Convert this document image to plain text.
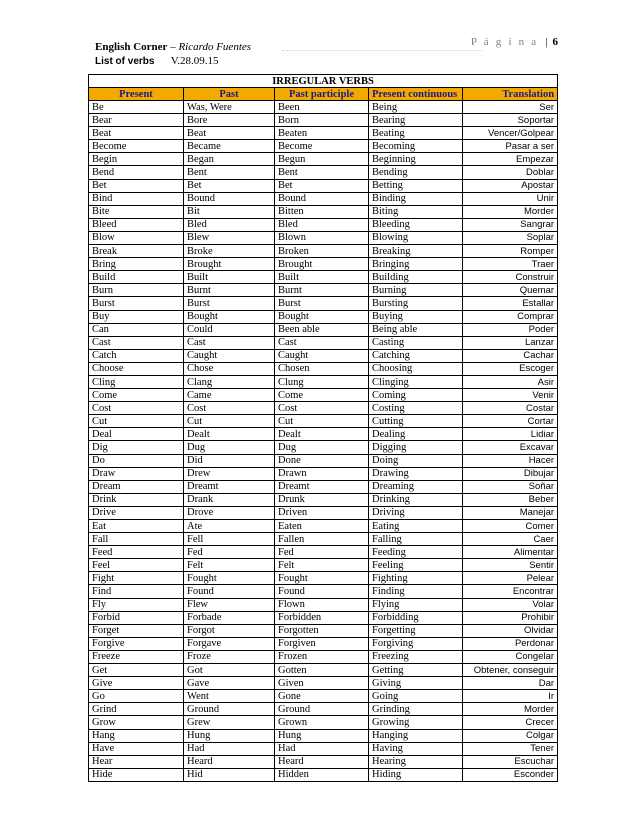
English Corner – Ricardo Fuentes
List of verbs V.28.09.15
P á g i n a | 6
IRREGULAR VERBS				
Present	Past	Past participle	Present continuous	Translation
Be	Was, Were	Been	Being	Ser
Bear	Bore	Born	Bearing	Soportar
Beat	Beat	Beaten	Beating	Vencer/Golpear
Become	Became	Become	Becoming	Pasar a ser
Begin	Began	Begun	Beginning	Empezar
Bend	Bent	Bent	Bending	Doblar
Bet	Bet	Bet	Betting	Apostar
Bind	Bound	Bound	Binding	Unir
Bite	Bit	Bitten	Biting	Morder
Bleed	Bled	Bled	Bleeding	Sangrar
Blow	Blew	Blown	Blowing	Soplar
Break	Broke	Broken	Breaking	Romper
Bring	Brought	Brought	Bringing	Traer
Build	Built	Built	Building	Construir
Burn	Burnt	Burnt	Burning	Quemar
Burst	Burst	Burst	Bursting	Estallar
Buy	Bought	Bought	Buying	Comprar
Can	Could	Been able	Being able	Poder
Cast	Cast	Cast	Casting	Lanzar
Catch	Caught	Caught	Catching	Cachar
Choose	Chose	Chosen	Choosing	Escoger
Cling	Clang	Clung	Clinging	Asir
Come	Came	Come	Coming	Venir
Cost	Cost	Cost	Costing	Costar
Cut	Cut	Cut	Cutting	Cortar
Deal	Dealt	Dealt	Dealing	Lidiar
Dig	Dug	Dug	Digging	Excavar
Do	Did	Done	Doing	Hacer
Draw	Drew	Drawn	Drawing	Dibujar
Dream	Dreamt	Dreamt	Dreaming	Soñar
Drink	Drank	Drunk	Drinking	Beber
Drive	Drove	Driven	Driving	Manejar
Eat	Ate	Eaten	Eating	Comer
Fall	Fell	Fallen	Falling	Caer
Feed	Fed	Fed	Feeding	Alimentar
Feel	Felt	Felt	Feeling	Sentir
Fight	Fought	Fought	Fighting	Pelear
Find	Found	Found	Finding	Encontrar
Fly	Flew	Flown	Flying	Volar
Forbid	Forbade	Forbidden	Forbidding	Prohibir
Forget	Forgot	Forgotten	Forgetting	Olvidar
Forgive	Forgave	Forgiven	Forgiving	Perdonar
Freeze	Froze	Frozen	Freezing	Congelar
Get	Got	Gotten	Getting	Obtener, conseguir
Give	Gave	Given	Giving	Dar
Go	Went	Gone	Going	Ir
Grind	Ground	Ground	Grinding	Morder
Grow	Grew	Grown	Growing	Crecer
Hang	Hung	Hung	Hanging	Colgar
Have	Had	Had	Having	Tener
Hear	Heard	Heard	Hearing	Escuchar
Hide	Hid	Hidden	Hiding	Esconder
